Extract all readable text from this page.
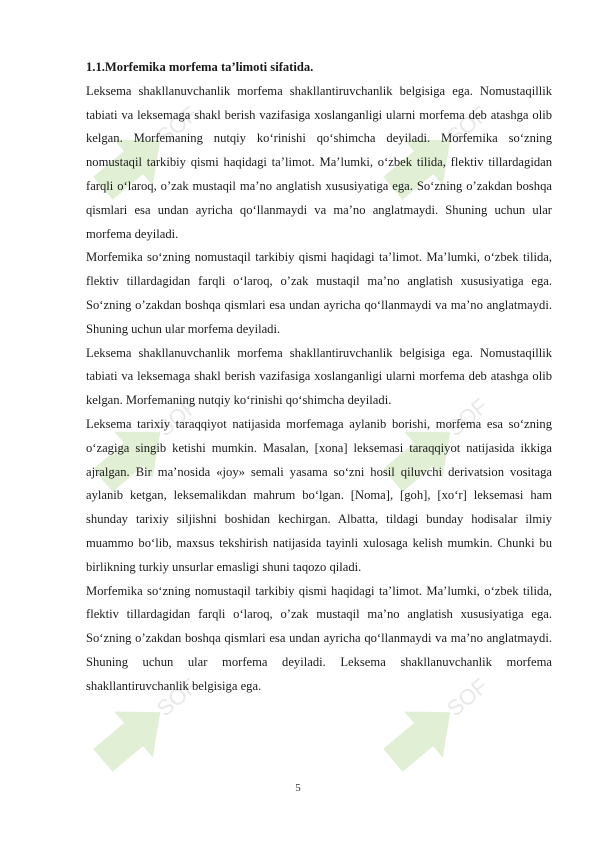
SOF	SOF
SOF	SOF
SOF	SOF

1.1.Morfemika morfema ta’limoti sifatida.

Leksema shakllanuvchanlik morfema shakllantiruvchanlik belgisiga ega. Nomustaqillik tabiati va leksemaga shakl berish vazifasiga xoslanganligi ularni morfema deb atashga olib kelgan. Morfemaning nutqiy ko‘rinishi qo‘shimcha deyiladi. Morfemika so‘zning nomustaqil tarkibiy qismi haqidagi ta’limot. Ma’lumki, o‘zbek tilida, flektiv tillardagidan farqli o‘laroq, o’zak mustaqil ma’no anglatish xususiyatiga ega. So‘zning o’zakdan boshqa qismlari esa undan ayricha qo‘llanmaydi va ma’no anglatmaydi. Shuning uchun ular morfema deyiladi.

Morfemika so‘zning nomustaqil tarkibiy qismi haqidagi ta’limot. Ma’lumki, o‘zbek tilida, flektiv tillardagidan farqli o‘laroq, o’zak mustaqil ma’no anglatish xususiyatiga ega. So‘zning o’zakdan boshqa qismlari esa undan ayricha qo‘llanmaydi va ma’no anglatmaydi. Shuning uchun ular morfema deyiladi.

Leksema shakllanuvchanlik morfema shakllantiruvchanlik belgisiga ega. Nomustaqillik tabiati va leksemaga shakl berish vazifasiga xoslanganligi ularni morfema deb atashga olib kelgan. Morfemaning nutqiy ko‘rinishi qo‘shimcha deyiladi.

Leksema tarixiy taraqqiyot natijasida morfemaga aylanib borishi, morfema esa so‘zning o‘zagiga singib ketishi mumkin. Masalan, [xona] leksemasi taraqqiyot natijasida ikkiga ajralgan. Bir ma’nosida «joy» semali yasama so‘zni hosil qiluvchi derivatsion vositaga aylanib ketgan, leksemalikdan mahrum bo‘lgan. [Noma], [goh], [xo‘r] leksemasi ham shunday tarixiy siljishni boshidan kechirgan. Albatta, tildagi bunday hodisalar ilmiy muammo bo‘lib, maxsus tekshirish natijasida tayinli xulosaga kelish mumkin. Chunki bu birlikning turkiy unsurlar emasligi shuni taqozo qiladi.

Morfemika so‘zning nomustaqil tarkibiy qismi haqidagi ta’limot. Ma’lumki, o‘zbek tilida, flektiv tillardagidan farqli o‘laroq, o’zak mustaqil ma’no anglatish xususiyatiga ega. So‘zning o’zakdan boshqa qismlari esa undan ayricha qo‘llanmaydi va ma’no anglatmaydi. Shuning uchun ular morfema deyiladi. Leksema shakllanuvchanlik morfema shakllantiruvchanlik belgisiga ega.

5
